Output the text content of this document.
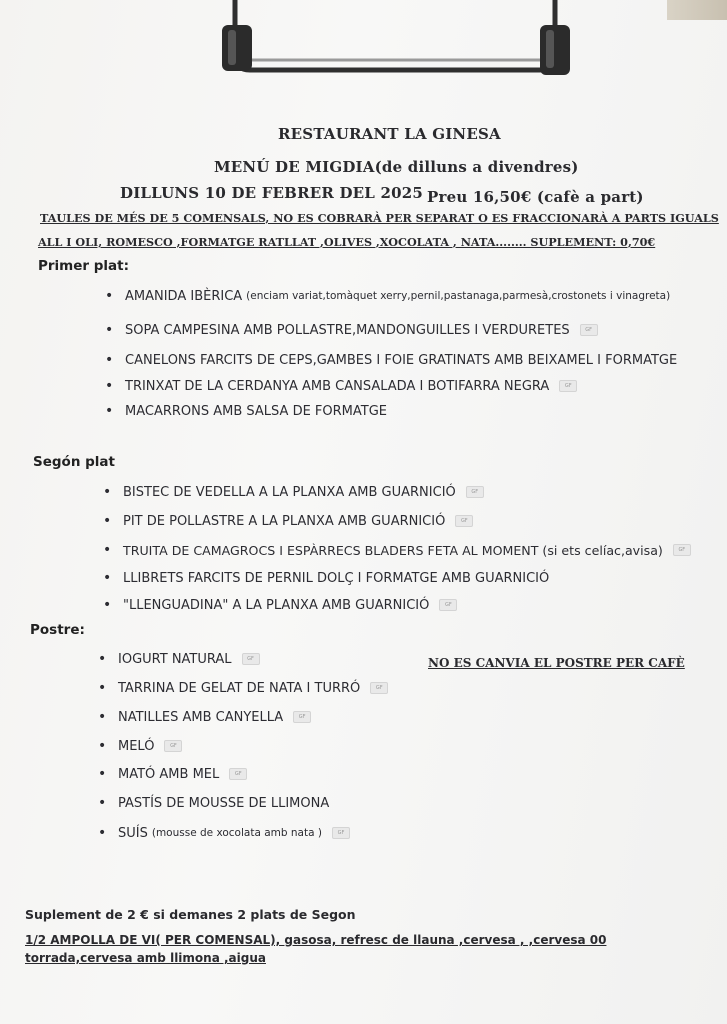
RESTAURANT LA GINESA
MENÚ DE MIGDIA(de dilluns a divendres)
DILLUNS 10 DE FEBRER DEL 2025 Preu 16,50€ (cafè a part)
TAULES DE MÉS DE 5 COMENSALS, NO ES COBRARÀ PER SEPARAT O ES FRACCIONARÀ A PARTS IGUALS
ALL I OLI, ROMESCO ,FORMATGE RATLLAT ,OLIVES ,XOCOLATA , NATA........ SUPLEMENT: 0,70€
Primer plat:
• AMANIDA IBÈRICA (enciam variat,tomàquet xerry,pernil,pastanaga,parmesà,crostonets i vinagreta)
• SOPA CAMPESINA AMB POLLASTRE,MANDONGUILLES I VERDURETES	GF
• CANELONS FARCITS DE CEPS,GAMBES I FOIE GRATINATS AMB BEIXAMEL I FORMATGE
• TRINXAT DE LA CERDANYA AMB CANSALADA I BOTIFARRA NEGRA	GF
• MACARRONS AMB SALSA DE FORMATGE
Segón plat
• BISTEC DE VEDELLA A LA PLANXA AMB GUARNICIÓ	GF
• PIT DE POLLASTRE A LA PLANXA AMB GUARNICIÓ	GF
• TRUITA DE CAMAGROCS I ESPÀRRECS BLADERS FETA AL MOMENT (si ets celíac,avisa)	GF
• LLIBRETS FARCITS DE PERNIL DOLÇ I FORMATGE AMB GUARNICIÓ
• "LLENGUADINA" A LA PLANXA AMB GUARNICIÓ	GF
Postre:
• IOGURT NATURAL	GF	NO ES CANVIA EL POSTRE PER CAFÈ
• TARRINA DE GELAT DE NATA I TURRÓ	GF
• NATILLES AMB CANYELLA	GF
• MELÓ	GF
• MATÓ AMB MEL	GF
• PASTÍS DE MOUSSE DE LLIMONA
• SUÍS (mousse de xocolata amb nata )	GF
Suplement de 2 € si demanes 2 plats de Segon
1/2 AMPOLLA DE VI( PER COMENSAL), gasosa, refresc de llauna ,cervesa , ,cervesa 00
torrada,cervesa amb llimona ,aigua
